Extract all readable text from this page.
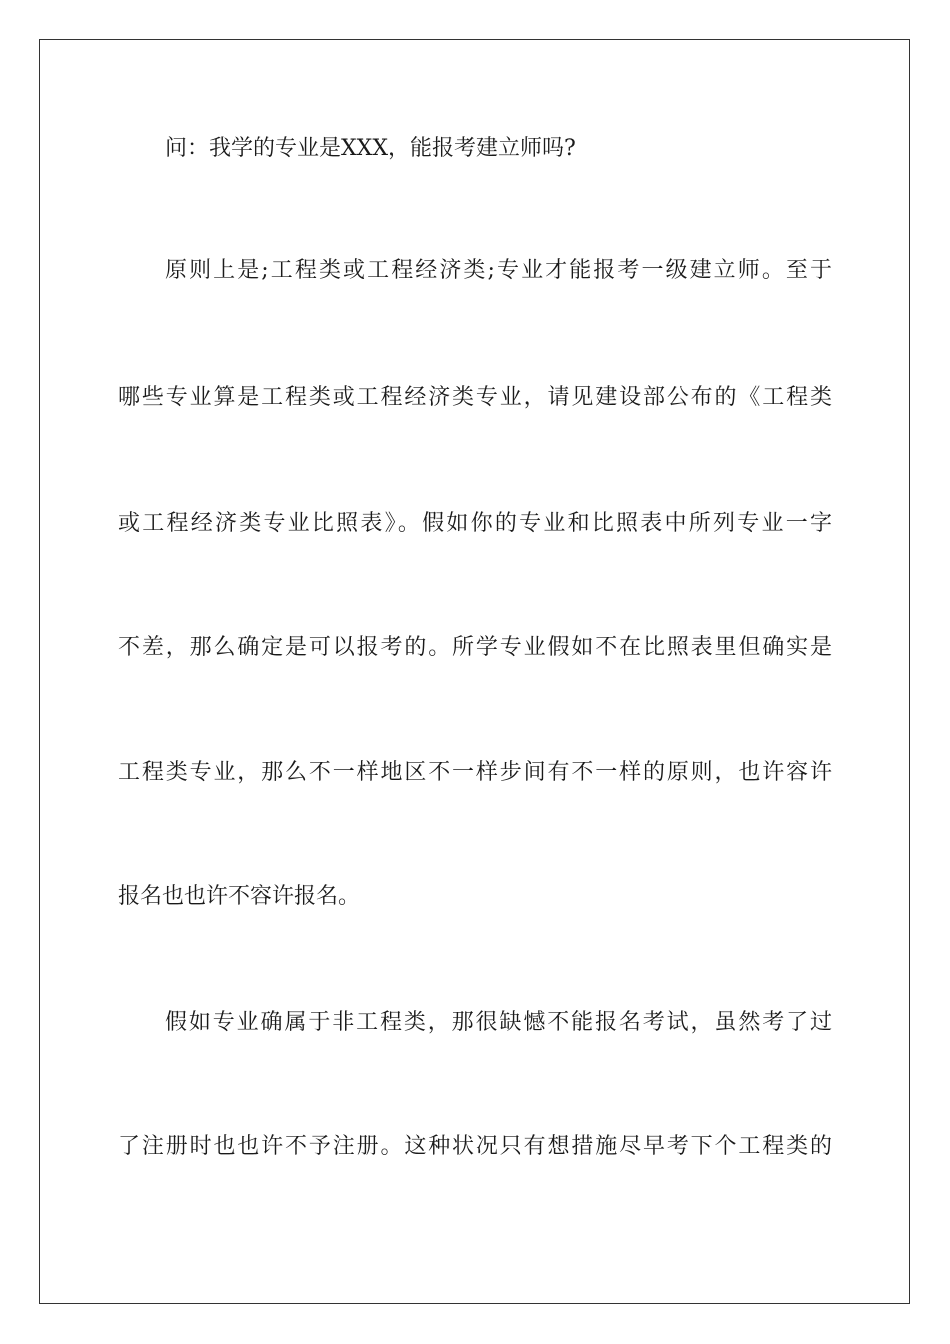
问：我学的专业是XXX，能报考建立师吗?
原则上是;工程类或工程经济类;专业才能报考一级建立师。至于
哪些专业算是工程类或工程经济类专业，请见建设部公布的《工程类
或工程经济类专业比照表》。假如你的专业和比照表中所列专业一字
不差，那么确定是可以报考的。所学专业假如不在比照表里但确实是
工程类专业，那么不一样地区不一样步间有不一样的原则，也许容许
报名也也许不容许报名。
假如专业确属于非工程类，那很缺憾不能报名考试，虽然考了过
了注册时也也许不予注册。这种状况只有想措施尽早考下个工程类的
